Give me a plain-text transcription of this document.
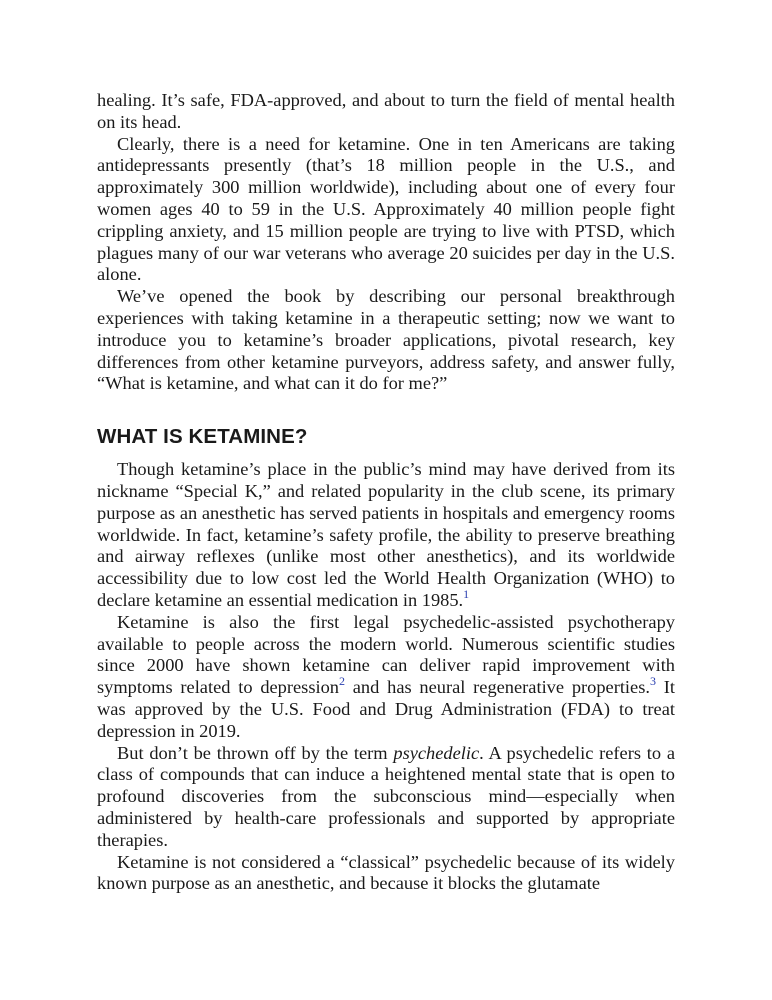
healing. It’s safe, FDA-approved, and about to turn the field of mental health on its head.

Clearly, there is a need for ketamine. One in ten Americans are taking antidepressants presently (that’s 18 million people in the U.S., and approximately 300 million worldwide), including about one of every four women ages 40 to 59 in the U.S. Approximately 40 million people fight crippling anxiety, and 15 million people are trying to live with PTSD, which plagues many of our war veterans who average 20 suicides per day in the U.S. alone.

We’ve opened the book by describing our personal breakthrough experiences with taking ketamine in a therapeutic setting; now we want to introduce you to ketamine’s broader applications, pivotal research, key differences from other ketamine purveyors, address safety, and answer fully, “What is ketamine, and what can it do for me?”

WHAT IS KETAMINE?

Though ketamine’s place in the public’s mind may have derived from its nickname “Special K,” and related popularity in the club scene, its primary purpose as an anesthetic has served patients in hospitals and emergency rooms worldwide. In fact, ketamine’s safety profile, the ability to preserve breathing and airway reflexes (unlike most other anesthetics), and its worldwide accessibility due to low cost led the World Health Organization (WHO) to declare ketamine an essential medication in 1985.$^1$

Ketamine is also the first legal psychedelic-assisted psychotherapy available to people across the modern world. Numerous scientific studies since 2000 have shown ketamine can deliver rapid improvement with symptoms related to depression$^2$ and has neural regenerative properties.$^3$ It was approved by the U.S. Food and Drug Administration (FDA) to treat depression in 2019.

But don’t be thrown off by the term psychedelic. A psychedelic refers to a class of compounds that can induce a heightened mental state that is open to profound discoveries from the subconscious mind—especially when administered by health-care professionals and supported by appropriate therapies.

Ketamine is not considered a “classical” psychedelic because of its widely known purpose as an anesthetic, and because it blocks the glutamate
